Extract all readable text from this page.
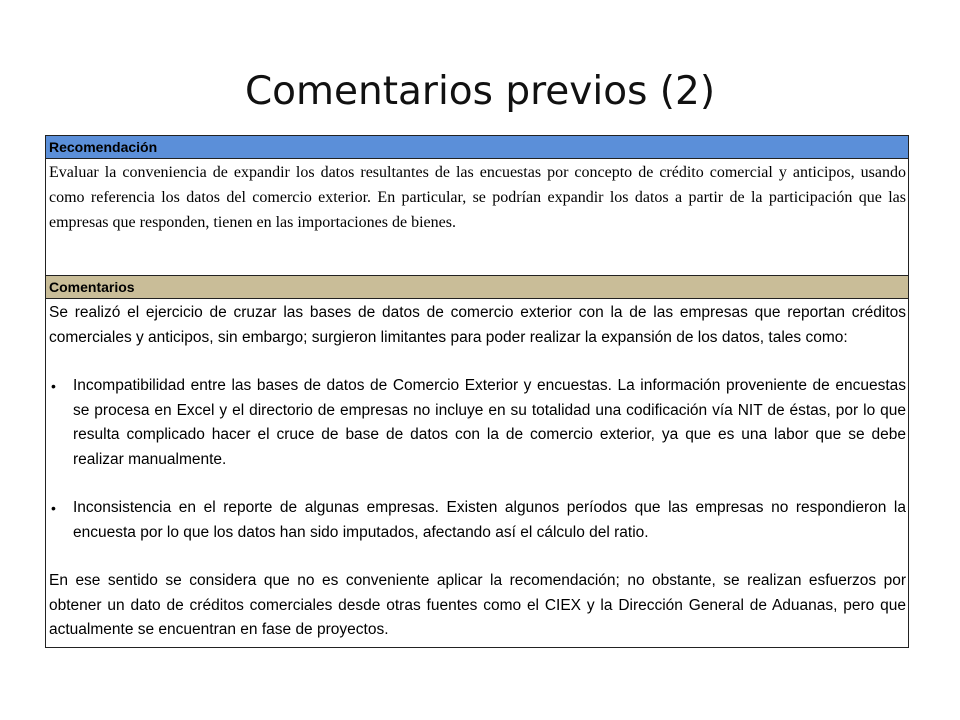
Comentarios previos (2)
Recomendación
Evaluar la conveniencia de expandir los datos resultantes de las encuestas por concepto de crédito comercial y anticipos, usando como referencia los datos del comercio exterior. En particular, se podrían expandir los datos a partir de la participación que las empresas que responden, tienen en las importaciones de bienes.
Comentarios

Se realizó el ejercicio de cruzar las bases de datos de comercio exterior con la de las empresas que reportan créditos comerciales y anticipos, sin embargo; surgieron limitantes para poder realizar la expansión de los datos, tales como:

• Incompatibilidad entre las bases de datos de Comercio Exterior y encuestas. La información proveniente de encuestas se procesa en Excel y el directorio de empresas no incluye en su totalidad una codificación vía NIT de éstas, por lo que resulta complicado hacer el cruce de base de datos con la de comercio exterior, ya que es una labor que se debe realizar manualmente.

• Inconsistencia en el reporte de algunas empresas. Existen algunos períodos que las empresas no respondieron la encuesta por lo que los datos han sido imputados, afectando así el cálculo del ratio.

En ese sentido se considera que no es conveniente aplicar la recomendación; no obstante, se realizan esfuerzos por obtener un dato de créditos comerciales desde otras fuentes como el CIEX y la Dirección General de Aduanas, pero que actualmente se encuentran en fase de proyectos.
